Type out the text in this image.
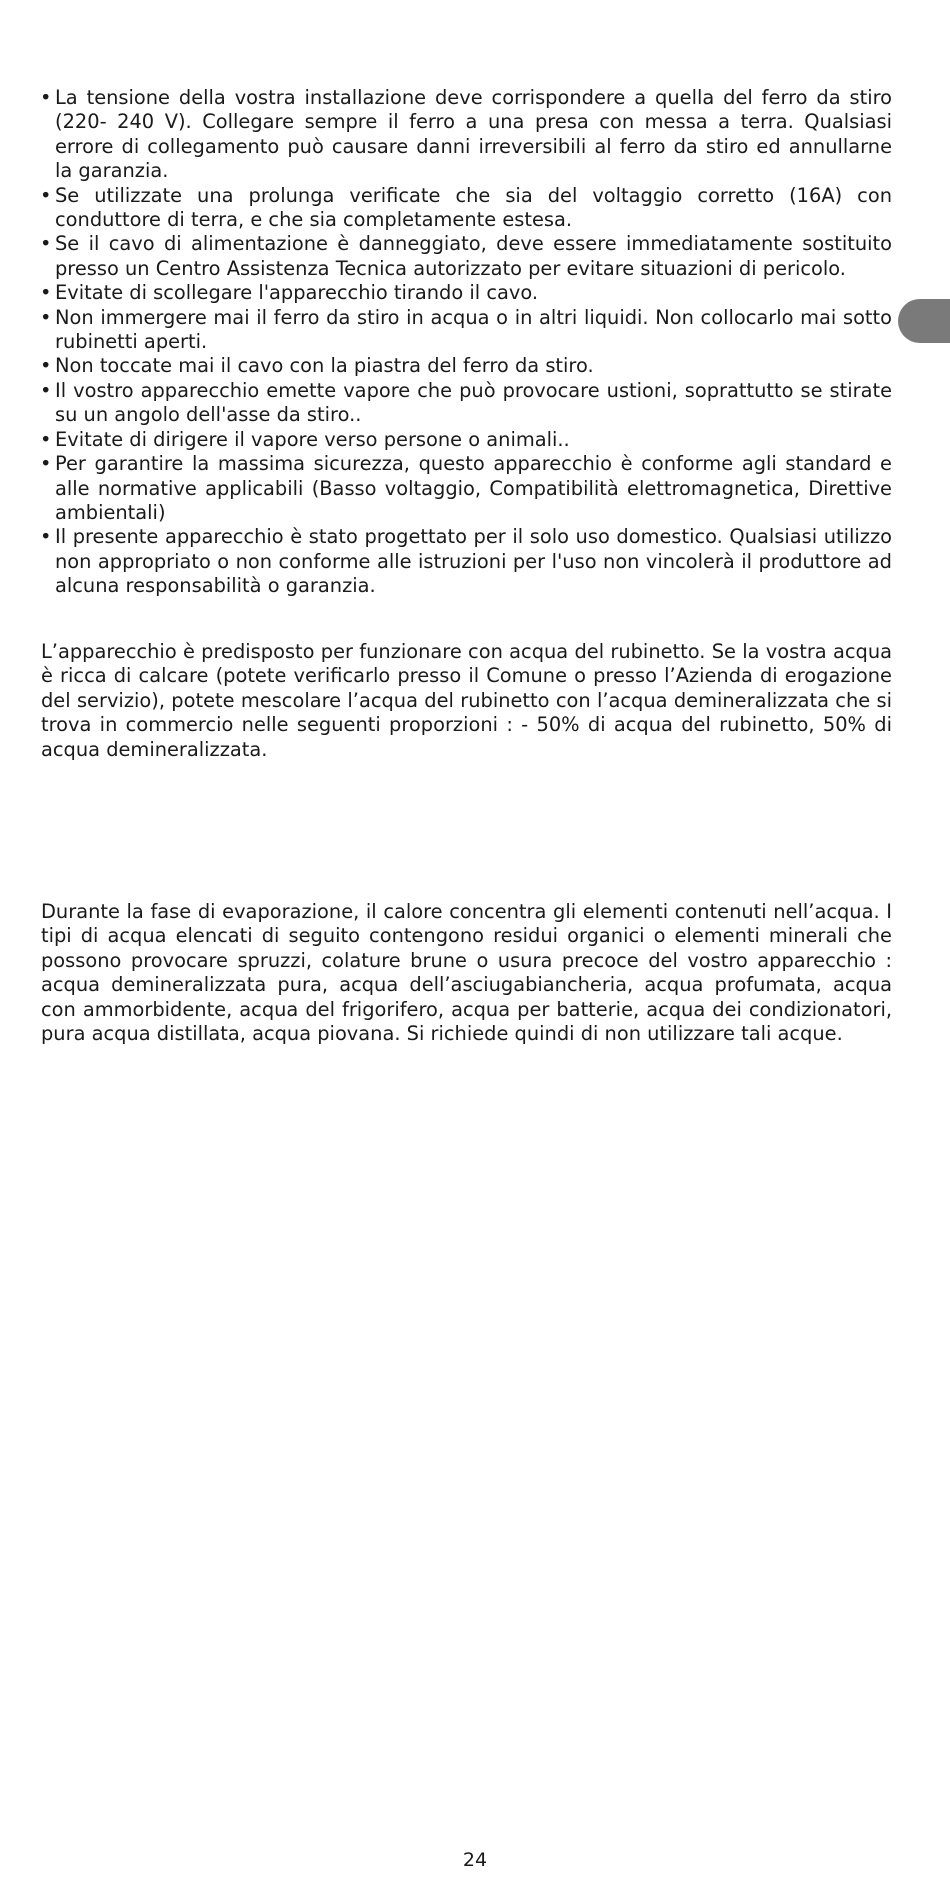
• La tensione della vostra installazione deve corrispondere a quella del ferro da stiro (220- 240 V). Collegare sempre il ferro a una presa con messa a terra. Qualsiasi errore di collegamento può causare danni irreversibili al ferro da stiro ed annullarne la garanzia.
• Se utilizzate una prolunga verificate che sia del voltaggio corretto (16A) con conduttore di terra, e che sia completamente estesa.
• Se il cavo di alimentazione è danneggiato, deve essere immediatamente sostituito presso un Centro Assistenza Tecnica autorizzato per evitare situazioni di pericolo.
• Evitate di scollegare l'apparecchio tirando il cavo.
• Non immergere mai il ferro da stiro in acqua o in altri liquidi. Non collocarlo mai sotto rubinetti aperti.
• Non toccate mai il cavo con la piastra del ferro da stiro.
• Il vostro apparecchio emette vapore che può provocare ustioni, soprattutto se stirate su un angolo dell'asse da stiro..
• Evitate di dirigere il vapore verso persone o animali..
• Per garantire la massima sicurezza, questo apparecchio è conforme agli standard e alle normative applicabili (Basso voltaggio, Compatibilità elettromagnetica, Direttive ambientali)
• Il presente apparecchio è stato progettato per il solo uso domestico. Qualsiasi utilizzo non appropriato o non conforme alle istruzioni per l'uso non vincolerà il produttore ad alcuna responsabilità o garanzia.

L’apparecchio è predisposto per funzionare con acqua del rubinetto. Se la vostra acqua è ricca di calcare (potete verificarlo presso il Comune o presso l’Azienda di erogazione del servizio), potete mescolare l’acqua del rubinetto con l’acqua demineralizzata che si trova in commercio nelle seguenti proporzioni : - 50% di acqua del rubinetto, 50% di acqua demineralizzata.

Durante la fase di evaporazione, il calore concentra gli elementi contenuti nell’acqua. I tipi di acqua elencati di seguito contengono residui organici o elementi minerali che possono provocare spruzzi, colature brune o usura precoce del vostro apparecchio : acqua demineralizzata pura, acqua dell’asciugabiancheria, acqua profumata, acqua con ammorbidente, acqua del frigorifero, acqua per batterie, acqua dei condizionatori, pura acqua distillata, acqua piovana. Si richiede quindi di non utilizzare tali acque.

24
